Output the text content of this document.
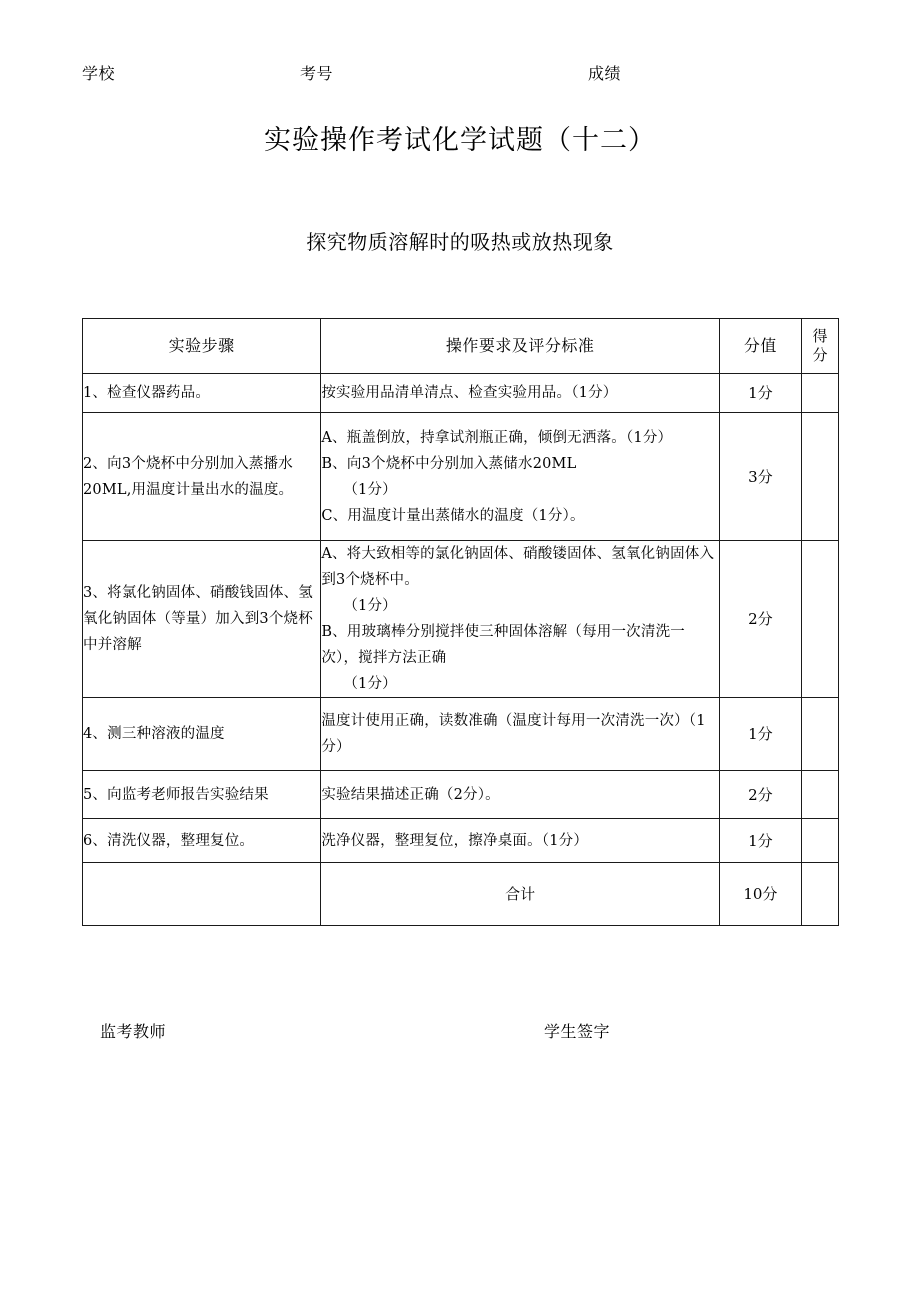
学校	考号	成绩
实验操作考试化学试题（十二）
探究物质溶解时的吸热或放热现象
实验步骤	操作要求及评分标准	分值	得
分

1、检查仪器药品。	按实验用品清单清点、检查实验用品。（1分）	1分	
2、向3个烧杯中分别加入蒸播水20ML,用温度计量出水的温度。	A、瓶盖倒放，持拿试剂瓶正确，倾倒无洒落。（1分）
B、向3个烧杯中分别加入蒸储水20ML
（1分）
C、用温度计量出蒸储水的温度（1分）。	3分	
3、将氯化钠固体、硝酸钱固体、氢氧化钠固体（等量）加入到3个烧杯中并溶解	A、将大致相等的氯化钠固体、硝酸镂固体、氢氧化钠固体入到3个烧杯中。
（1分）
B、用玻璃棒分别搅拌使三种固体溶解（每用一次清洗一次），搅拌方法正确
（1分）	2分	
4、测三种溶液的温度	温度计使用正确，读数准确（温度计每用一次清洗一次）（1分）	1分	
5、向监考老师报告实验结果	实验结果描述正确（2分）。	2分	
6、清洗仪器，整理复位。	洗净仪器，整理复位，擦净桌面。（1分）	1分	
	合计	10分	
监考教师	学生签字
